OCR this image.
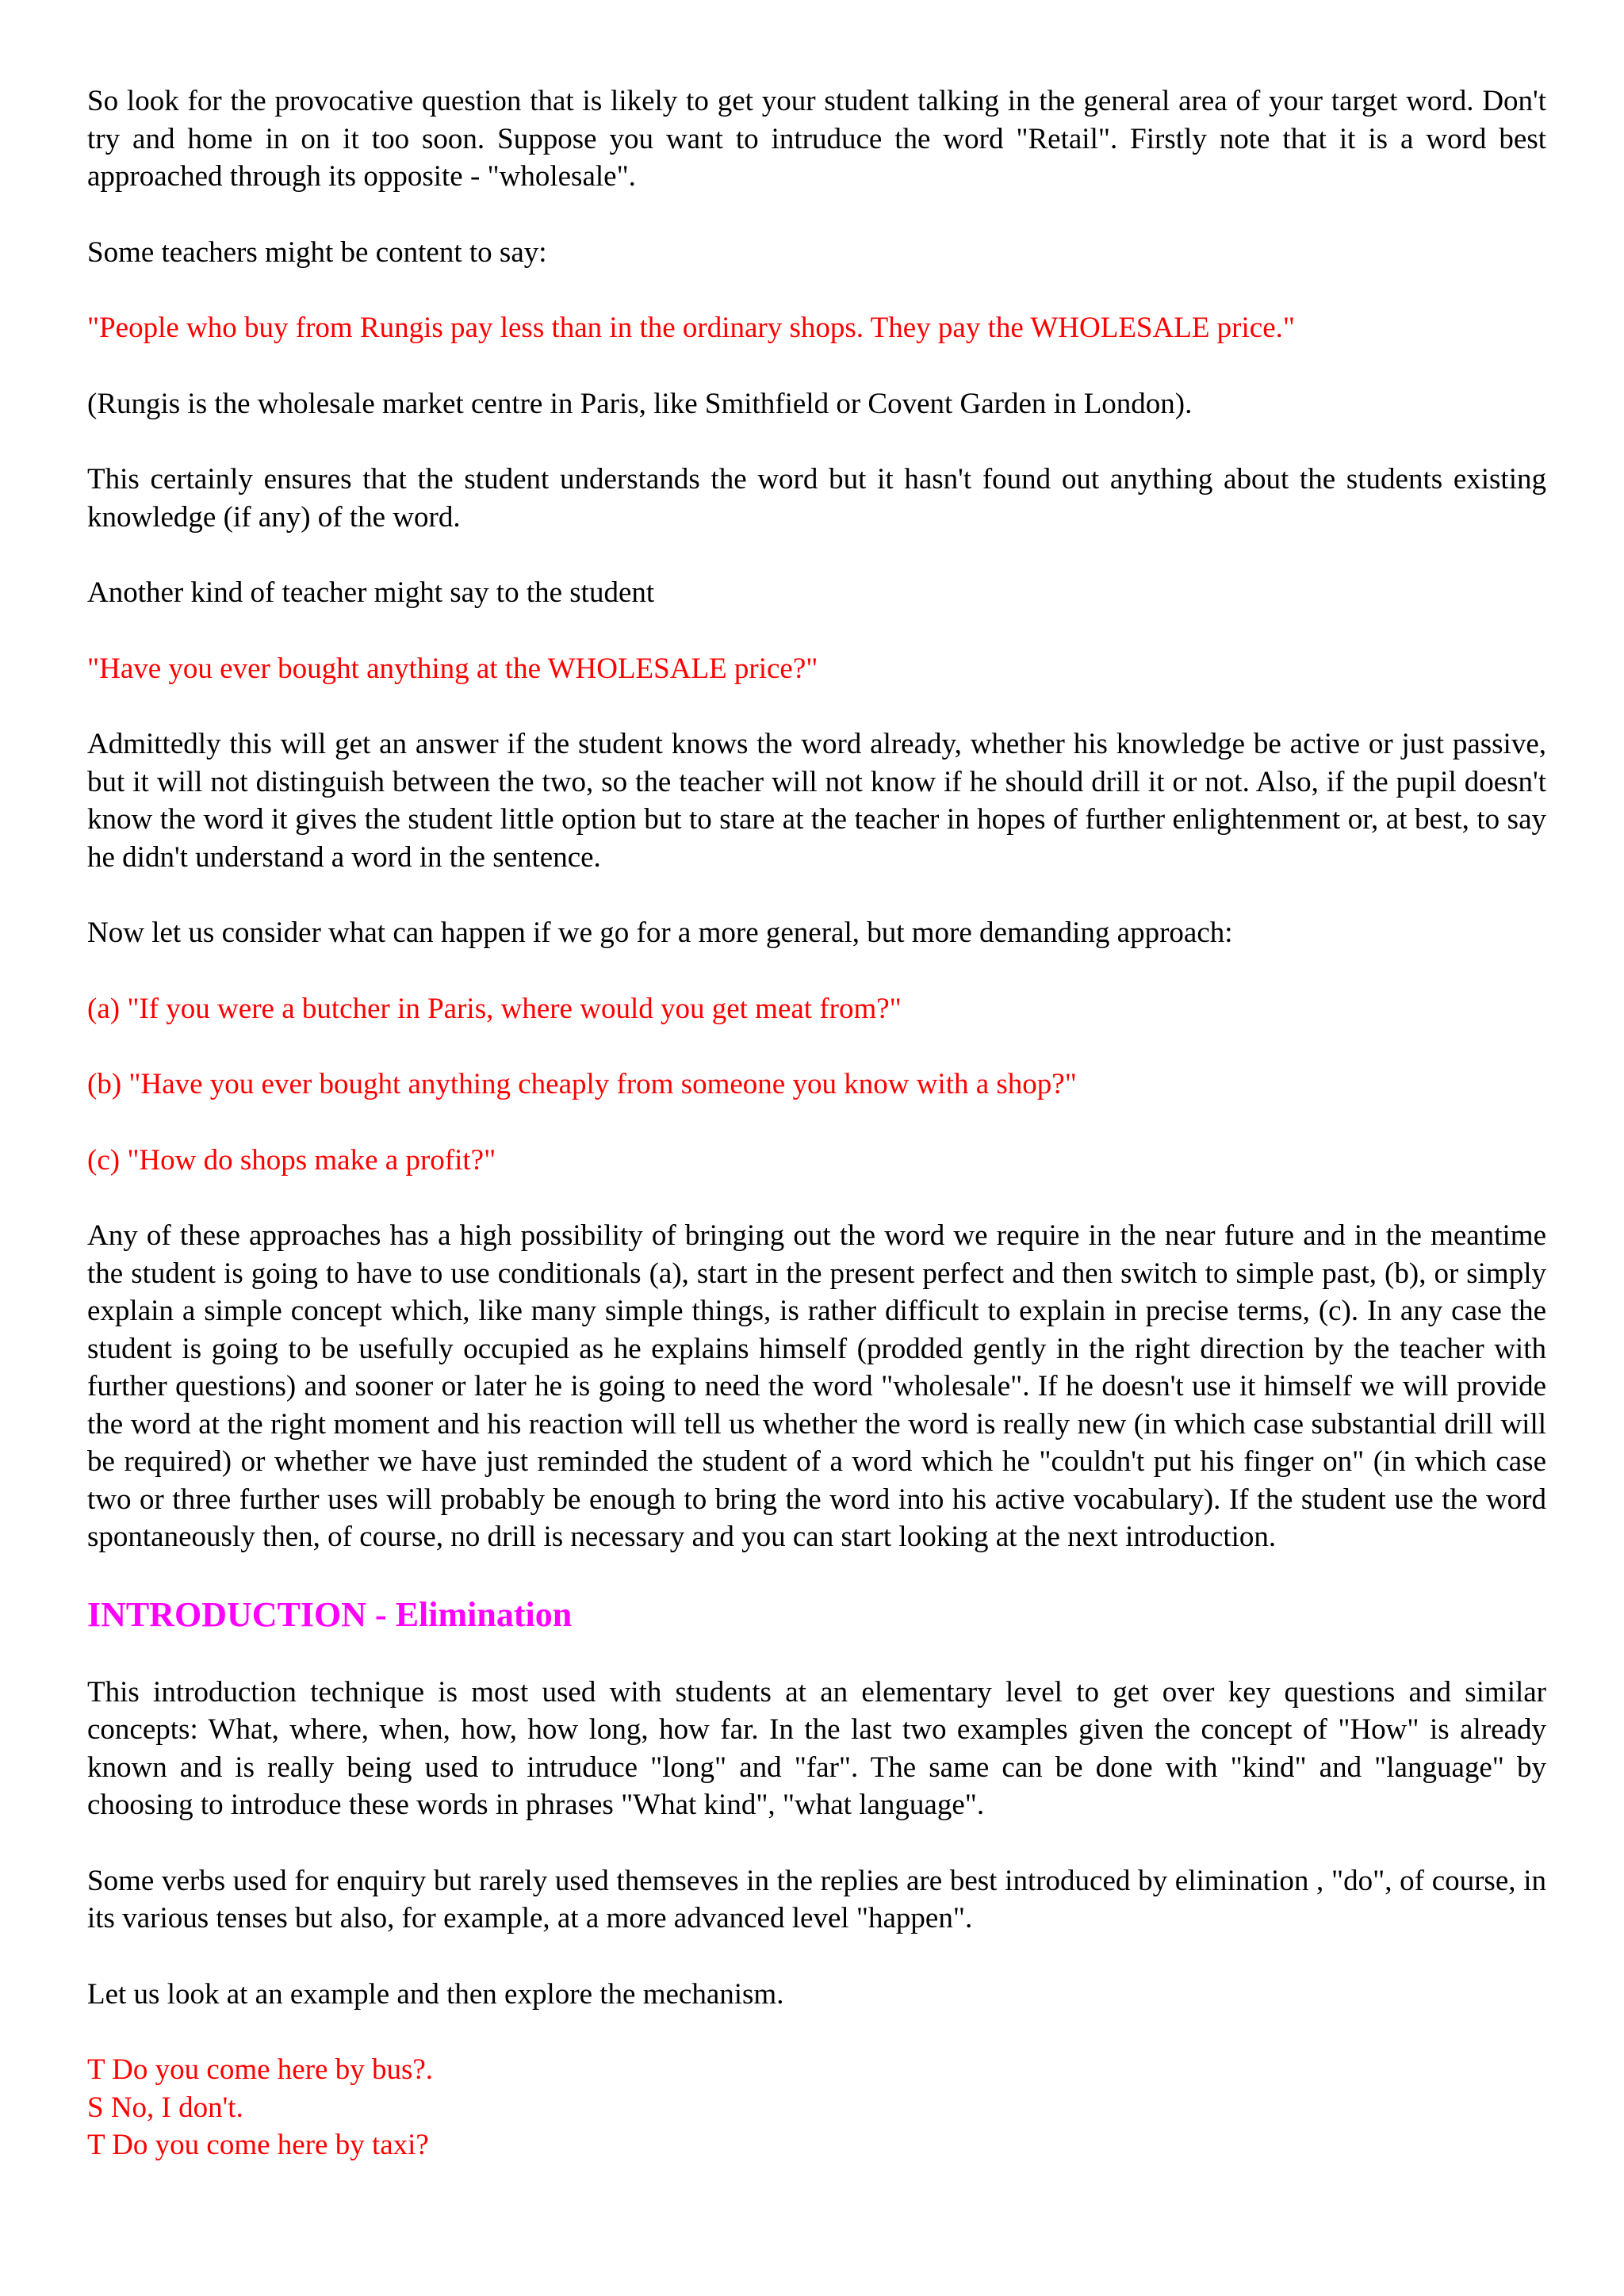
So look for the provocative question that is likely to get your student talking in the general area of your target word. Don't try and home in on it too soon. Suppose you want to intruduce the word "Retail". Firstly note that it is a word best approached through its opposite - "wholesale".

Some teachers might be content to say:

"People who buy from Rungis pay less than in the ordinary shops. They pay the WHOLESALE price."

(Rungis is the wholesale market centre in Paris, like Smithfield or Covent Garden in London).

This certainly ensures that the student understands the word but it hasn't found out anything about the students existing knowledge (if any) of the word.

Another kind of teacher might say to the student

"Have you ever bought anything at the WHOLESALE price?"

Admittedly this will get an answer if the student knows the word already, whether his knowledge be active or just passive, but it will not distinguish between the two, so the teacher will not know if he should drill it or not. Also, if the pupil doesn't know the word it gives the student little option but to stare at the teacher in hopes of further enlightenment or, at best, to say he didn't understand a word in the sentence.

Now let us consider what can happen if we go for a more general, but more demanding approach:

(a) "If you were a butcher in Paris, where would you get meat from?"

(b) "Have you ever bought anything cheaply from someone you know with a shop?"

(c) "How do shops make a profit?"

Any of these approaches has a high possibility of bringing out the word we require in the near future and in the meantime the student is going to have to use conditionals (a), start in the present perfect and then switch to simple past, (b), or simply explain a simple concept which, like many simple things, is rather difficult to explain in precise terms, (c). In any case the student is going to be usefully occupied as he explains himself (prodded gently in the right direction by the teacher with further questions) and sooner or later he is going to need the word "wholesale". If he doesn't use it himself we will provide the word at the right moment and his reaction will tell us whether the word is really new (in which case substantial drill will be required) or whether we have just reminded the student of a word which he "couldn't put his finger on" (in which case two or three further uses will probably be enough to bring the word into his active vocabulary). If the student use the word spontaneously then, of course, no drill is necessary and you can start looking at the next introduction.

INTRODUCTION - Elimination

This introduction technique is most used with students at an elementary level to get over key questions and similar concepts: What, where, when, how, how long, how far. In the last two examples given the concept of "How" is already known and is really being used to intruduce "long" and "far". The same can be done with "kind" and "language" by choosing to introduce these words in phrases "What kind", "what language".

Some verbs used for enquiry but rarely used themseves in the replies are best introduced by elimination , "do", of course, in its various tenses but also, for example, at a more advanced level "happen".

Let us look at an example and then explore the mechanism.

T Do you come here by bus?.
S No, I don't.
T Do you come here by taxi?
